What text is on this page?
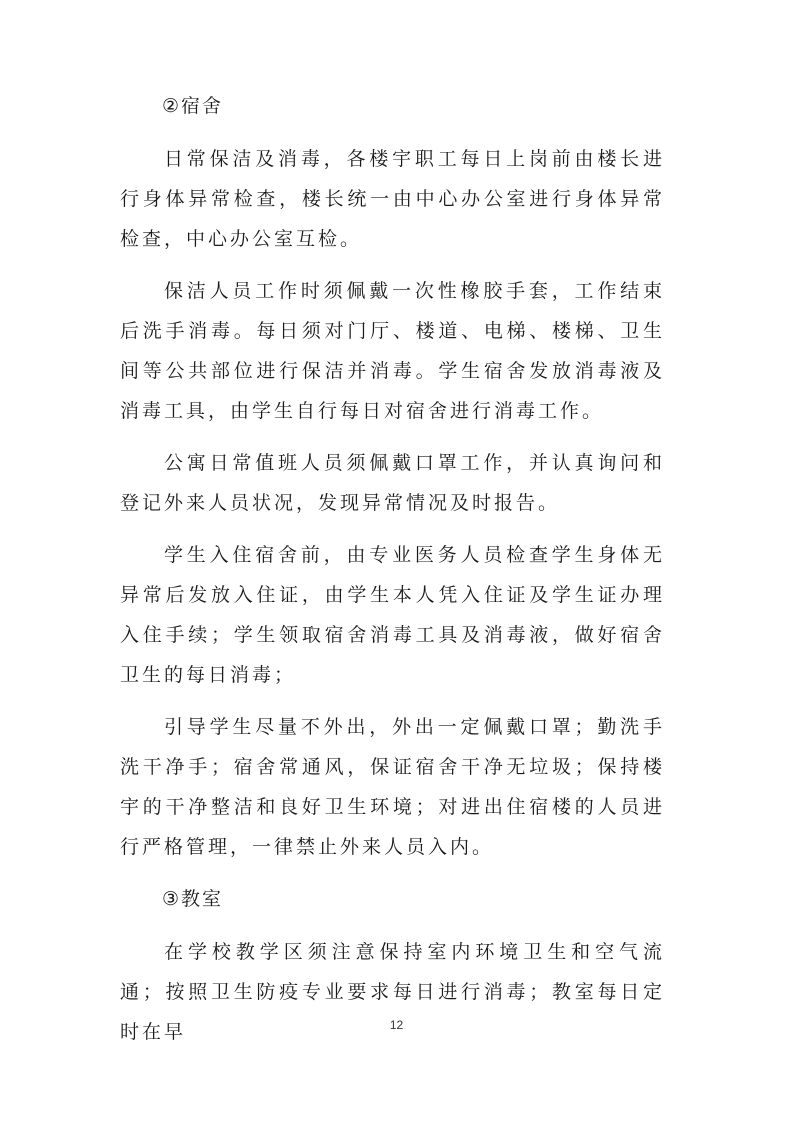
②宿舍

日常保洁及消毒，各楼宇职工每日上岗前由楼长进行身体异常检查，楼长统一由中心办公室进行身体异常检查，中心办公室互检。

保洁人员工作时须佩戴一次性橡胶手套，工作结束后洗手消毒。每日须对门厅、楼道、电梯、楼梯、卫生间等公共部位进行保洁并消毒。学生宿舍发放消毒液及消毒工具，由学生自行每日对宿舍进行消毒工作。

公寓日常值班人员须佩戴口罩工作，并认真询问和登记外来人员状况，发现异常情况及时报告。

学生入住宿舍前，由专业医务人员检查学生身体无异常后发放入住证，由学生本人凭入住证及学生证办理入住手续；学生领取宿舍消毒工具及消毒液，做好宿舍卫生的每日消毒；

引导学生尽量不外出，外出一定佩戴口罩；勤洗手洗干净手；宿舍常通风，保证宿舍干净无垃圾；保持楼宇的干净整洁和良好卫生环境；对进出住宿楼的人员进行严格管理，一律禁止外来人员入内。

③教室

在学校教学区须注意保持室内环境卫生和空气流通；按照卫生防疫专业要求每日进行消毒；教室每日定时在早	12
